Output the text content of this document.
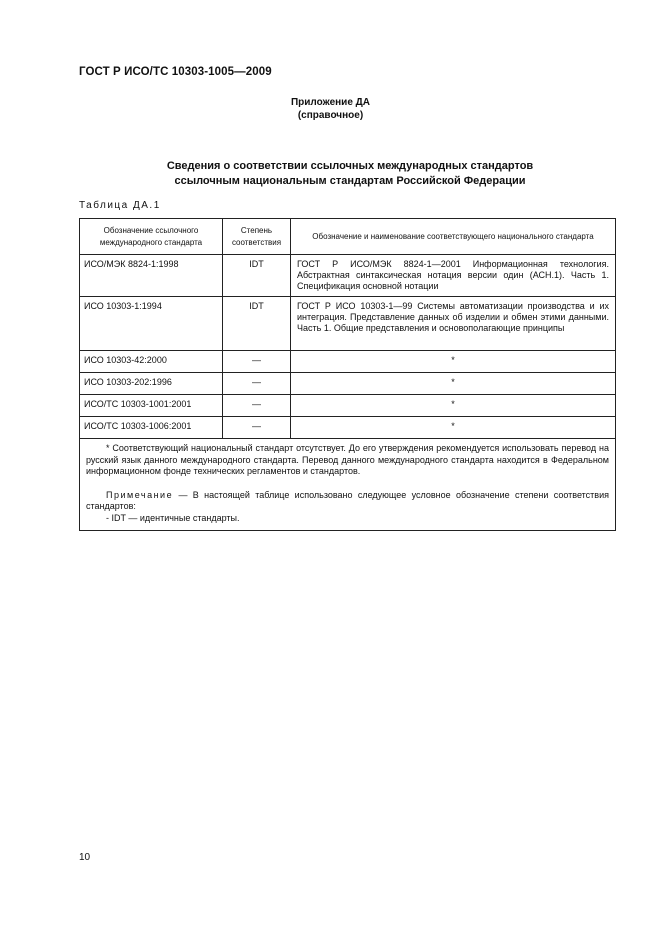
ГОСТ Р ИСО/ТС 10303-1005—2009
Приложение ДА
(справочное)
Сведения о соответствии ссылочных международных стандартов
ссылочным национальным стандартам Российской Федерации
Таблица ДА.1
Обозначение ссылочного международного стандарта	Степень соответствия	Обозначение и наименование соответствующего национального стандарта
ИСО/МЭК 8824-1:1998	IDT	ГОСТ Р ИСО/МЭК 8824-1—2001 Информационная технология. Абстрактная синтаксическая нотация версии один (АСН.1). Часть 1. Спецификация основной нотации
ИСО 10303-1:1994	IDT	ГОСТ Р ИСО 10303-1—99 Системы автоматизации производства и их интеграция. Представление данных об изделии и обмен этими данными. Часть 1. Общие представления и основополагающие принципы
ИСО 10303-42:2000	—	*
ИСО 10303-202:1996	—	*
ИСО/ТС 10303-1001:2001	—	*
ИСО/ТС 10303-1006:2001	—	*

* Соответствующий национальный стандарт отсутствует. До его утверждения рекомендуется использовать перевод на русский язык данного международного стандарта. Перевод данного международного стандарта находится в Федеральном информационном фонде технических регламентов и стандартов.

Примечание — В настоящей таблице использовано следующее условное обозначение степени соответствия стандартов:

- IDT — идентичные стандарты.		

10
